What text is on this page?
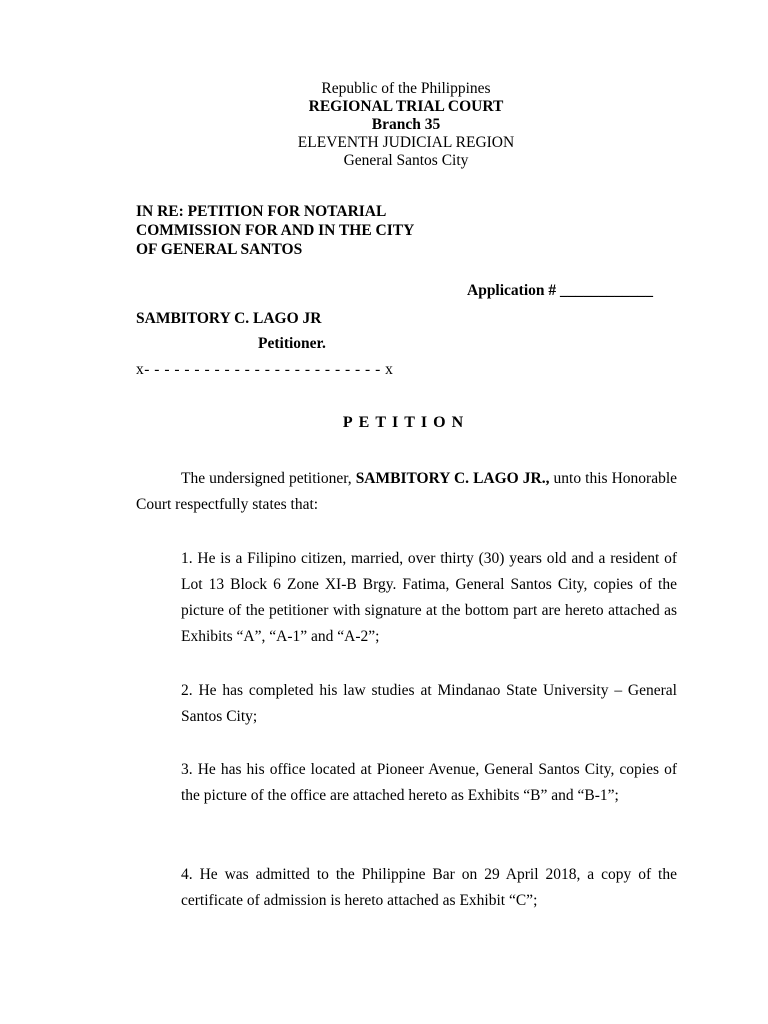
Republic of the Philippines
REGIONAL TRIAL COURT
Branch 35
ELEVENTH JUDICIAL REGION
General Santos City
IN RE: PETITION FOR NOTARIAL
COMMISSION FOR AND IN THE CITY
OF GENERAL SANTOS
Application # ____________
SAMBITORY C. LAGO JR
Petitioner.
x- - - - - - - - - - - - - - - - - - - - - - - - x
PETITION
The undersigned petitioner, SAMBITORY C. LAGO JR., unto this Honorable Court respectfully states that:
1. He is a Filipino citizen, married, over thirty (30) years old and a resident of Lot 13 Block 6 Zone XI-B Brgy. Fatima, General Santos City, copies of the picture of the petitioner with signature at the bottom part are hereto attached as Exhibits “A”, “A-1” and “A-2”;
2. He has completed his law studies at Mindanao State University – General Santos City;
3. He has his office located at Pioneer Avenue, General Santos City, copies of the picture of the office are attached hereto as Exhibits “B” and “B-1”;
4. He was admitted to the Philippine Bar on 29 April 2018, a copy of the certificate of admission is hereto attached as Exhibit “C”;
